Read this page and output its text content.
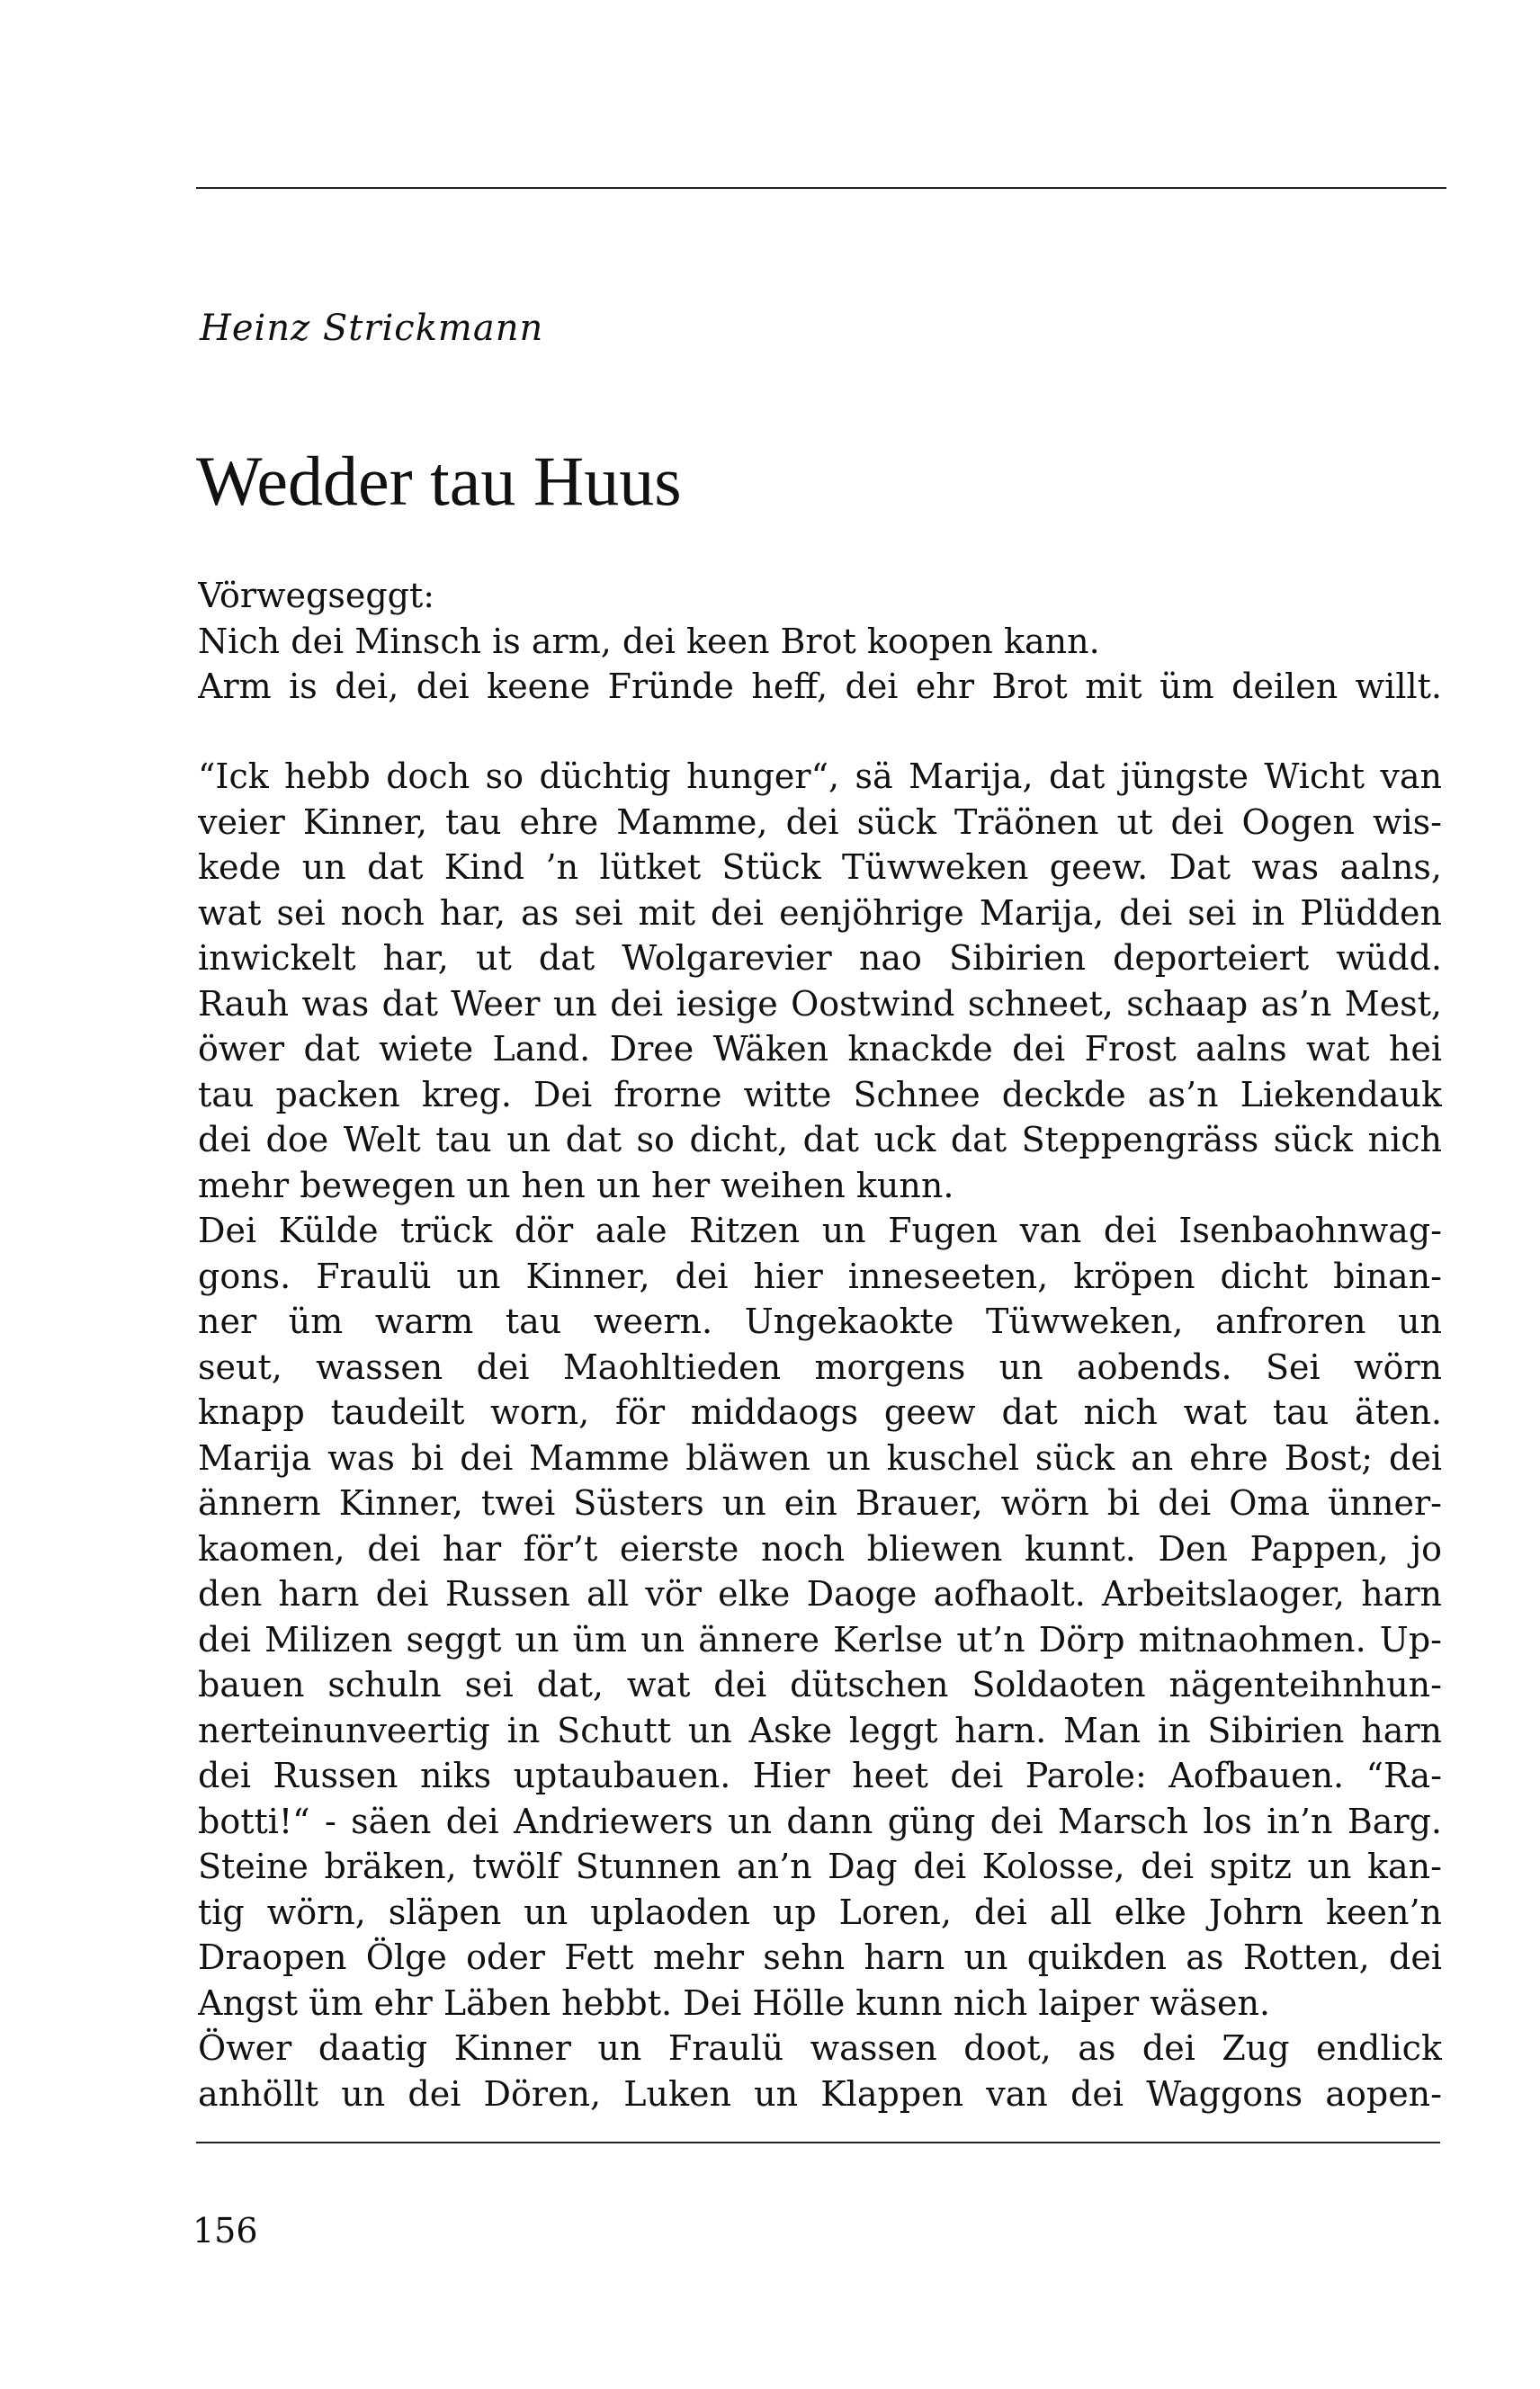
Heinz Strickmann
Wedder tau Huus
Vörwegseggt:
Nich dei Minsch is arm, dei keen Brot koopen kann.
Arm is dei, dei keene Fründe heff, dei ehr Brot mit üm deilen willt.
“Ick hebb doch so düchtig hunger“, sä Marija, dat jüngste Wicht van
veier Kinner, tau ehre Mamme, dei sück Träönen ut dei Oogen wis-
kede un dat Kind ’n lütket Stück Tüwweken geew. Dat was aalns,
wat sei noch har, as sei mit dei eenjöhrige Marija, dei sei in Plüdden
inwickelt har, ut dat Wolgarevier nao Sibirien deporteiert wüdd.
Rauh was dat Weer un dei iesige Oostwind schneet, schaap as’n Mest,
öwer dat wiete Land. Dree Wäken knackde dei Frost aalns wat hei
tau packen kreg. Dei frorne witte Schnee deckde as’n Liekendauk
dei doe Welt tau un dat so dicht, dat uck dat Steppengräss sück nich
mehr bewegen un hen un her weihen kunn.
Dei Külde trück dör aale Ritzen un Fugen van dei Isenbaohnwag-
gons. Fraulü un Kinner, dei hier inneseeten, kröpen dicht binan-
ner üm warm tau weern. Ungekaokte Tüwweken, anfroren un
seut, wassen dei Maohltieden morgens un aobends. Sei wörn
knapp taudeilt worn, för middaogs geew dat nich wat tau äten.
Marija was bi dei Mamme bläwen un kuschel sück an ehre Bost; dei
ännern Kinner, twei Süsters un ein Brauer, wörn bi dei Oma ünner-
kaomen, dei har för’t eierste noch bliewen kunnt. Den Pappen, jo
den harn dei Russen all vör elke Daoge aofhaolt. Arbeitslaoger, harn
dei Milizen seggt un üm un ännere Kerlse ut’n Dörp mitnaohmen. Up-
bauen schuln sei dat, wat dei dütschen Soldaoten nägenteihnhun-
nerteinunveertig in Schutt un Aske leggt harn. Man in Sibirien harn
dei Russen niks uptaubauen. Hier heet dei Parole: Aofbauen. “Ra-
botti!“ - säen dei Andriewers un dann güng dei Marsch los in’n Barg.
Steine bräken, twölf Stunnen an’n Dag dei Kolosse, dei spitz un kan-
tig wörn, släpen un uplaoden up Loren, dei all elke Johrn keen’n
Draopen Ölge oder Fett mehr sehn harn un quikden as Rotten, dei
Angst üm ehr Läben hebbt. Dei Hölle kunn nich laiper wäsen.
Öwer daatig Kinner un Fraulü wassen doot, as dei Zug endlick
anhöllt un dei Dören, Luken un Klappen van dei Waggons aopen-
156
